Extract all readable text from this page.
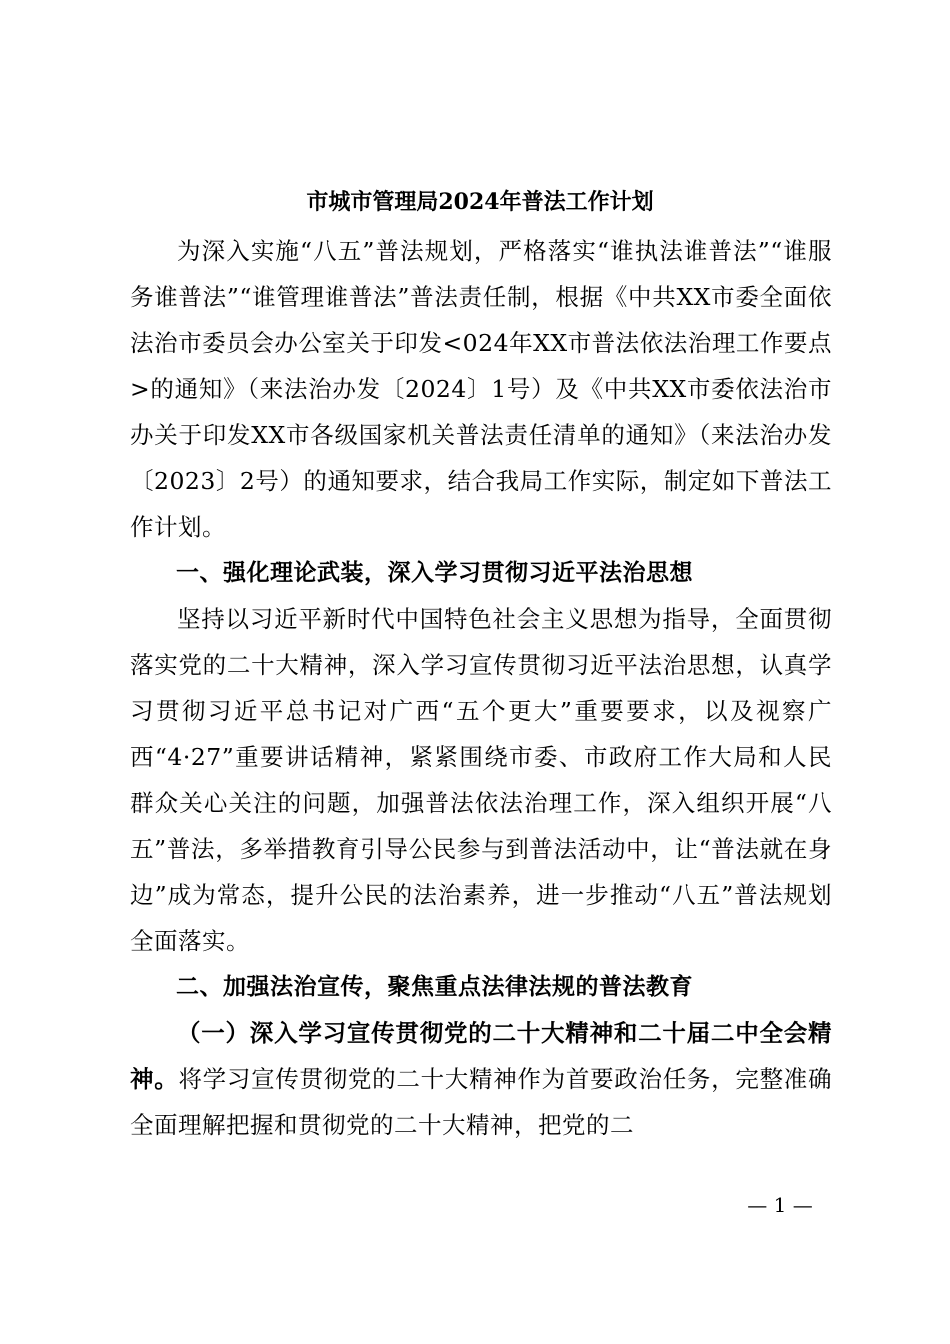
市城市管理局2024年普法工作计划

为深入实施“八五”普法规划，严格落实“谁执法谁普法”“谁服务谁普法”“谁管理谁普法”普法责任制，根据《中共XX市委全面依法治市委员会办公室关于印发<024年XX市普法依法治理工作要点>的通知》（来法治办发〔2024〕1号）及《中共XX市委依法治市办关于印发XX市各级国家机关普法责任清单的通知》（来法治办发〔2023〕2号）的通知要求，结合我局工作实际，制定如下普法工作计划。

一、强化理论武装，深入学习贯彻习近平法治思想

坚持以习近平新时代中国特色社会主义思想为指导，全面贯彻落实党的二十大精神，深入学习宣传贯彻习近平法治思想，认真学习贯彻习近平总书记对广西“五个更大”重要要求，以及视察广西“4·27”重要讲话精神，紧紧围绕市委、市政府工作大局和人民群众关心关注的问题，加强普法依法治理工作，深入组织开展“八五”普法，多举措教育引导公民参与到普法活动中，让“普法就在身边”成为常态，提升公民的法治素养，进一步推动“八五”普法规划全面落实。

二、加强法治宣传，聚焦重点法律法规的普法教育

（一）深入学习宣传贯彻党的二十大精神和二十届二中全会精神。将学习宣传贯彻党的二十大精神作为首要政治任务，完整准确全面理解把握和贯彻党的二十大精神，把党的二

— 1 —
